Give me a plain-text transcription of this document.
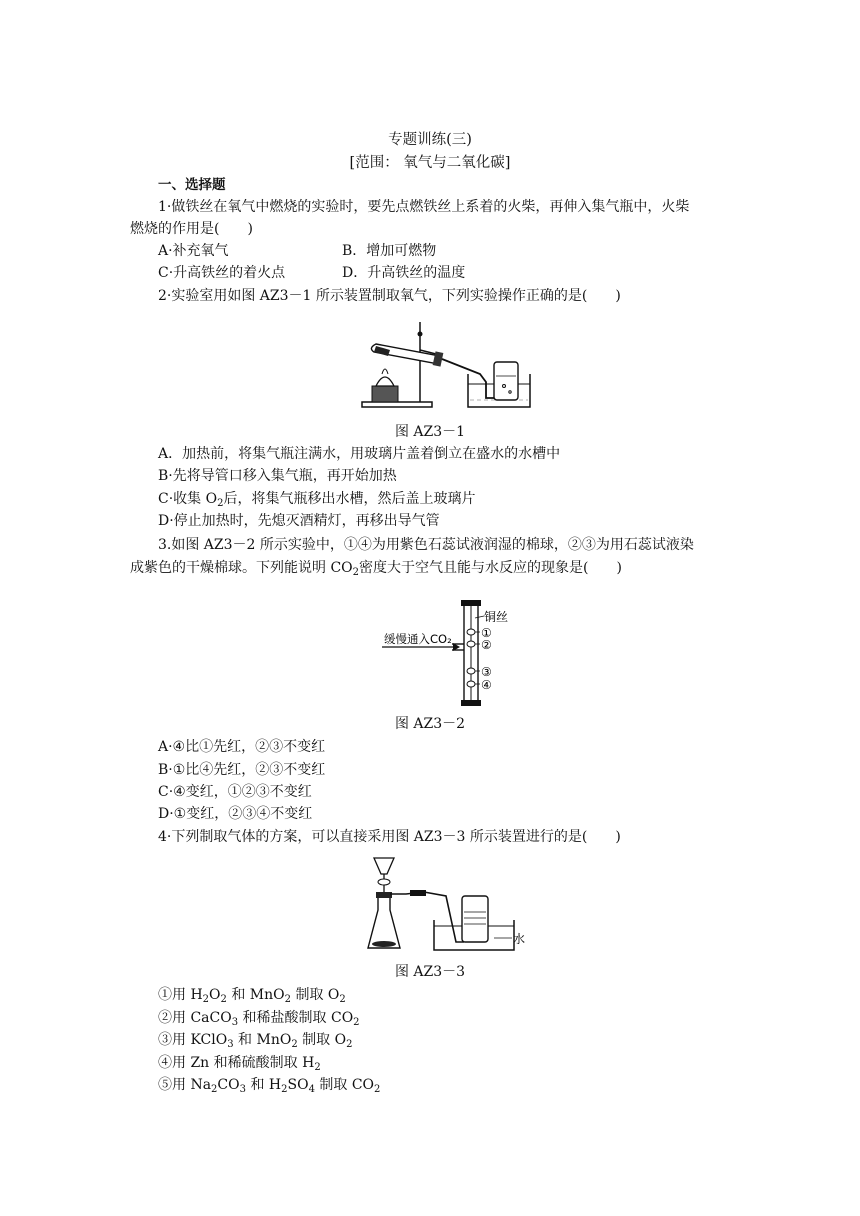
专题训练(三)
[范围： 氧气与二氧化碳]
一、选择题
1·做铁丝在氧气中燃烧的实验时，要先点燃铁丝上系着的火柴，再伸入集气瓶中，火柴
燃烧的作用是(　　)
A·补充氧气	B．增加可燃物
C·升高铁丝的着火点	D．升高铁丝的温度
2·实验室用如图 AZ3－1 所示装置制取氧气，下列实验操作正确的是(　　)
图 AZ3－1
A．加热前，将集气瓶注满水，用玻璃片盖着倒立在盛水的水槽中
B·先将导管口移入集气瓶，再开始加热
C·收集 $O_2$后，将集气瓶移出水槽，然后盖上玻璃片
D·停止加热时，先熄灭酒精灯，再移出导气管
3.如图 AZ3－2 所示实验中，①④为用紫色石蕊试液润湿的棉球，②③为用石蕊试液染
成紫色的干燥棉球。下列能说明 $CO_2$密度大于空气且能与水反应的现象是(　　)
铜丝
缓慢通入CO₂ ①
②
③
④
图 AZ3－2
A·④比①先红，②③不变红
B·①比④先红，②③不变红
C·④变红，①②③不变红
D·①变红，②③④不变红
4·下列制取气体的方案，可以直接采用图 AZ3－3 所示装置进行的是(　　)
水
图 AZ3－3
①用 $H_2O_2$ 和 MnO$_2$ 制取 $O_2$
②用 CaCO$_3$ 和稀盐酸制取 $CO_2$
③用 KClO$_3$ 和 MnO$_2$ 制取 $O_2$
④用 Zn 和稀硫酸制取 $H_2$
⑤用 $Na_2CO_3$ 和 $H_2SO_4$ 制取 $CO_2$
